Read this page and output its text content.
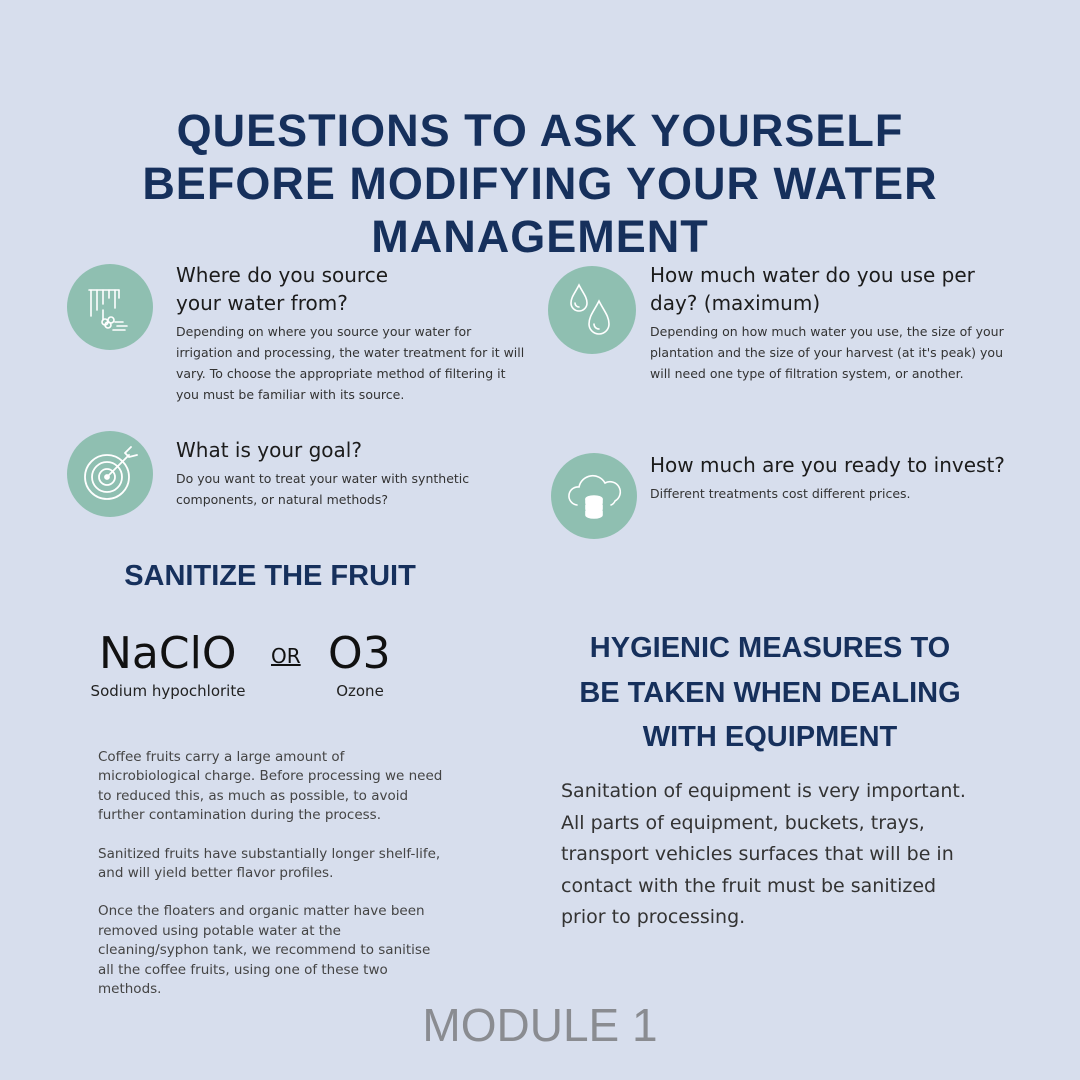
QUESTIONS TO ASK YOURSELF BEFORE MODIFYING YOUR WATER MANAGEMENT
Where do you source your water from?
Depending on where you source your water for irrigation and processing, the water treatment for it will vary. To choose the appropriate method of filtering it you must be familiar with its source.
How much water do you use per day? (maximum)
Depending on how much water you use, the size of your plantation and the size of your harvest (at it's peak) you will need one type of filtration system, or another.
What is your goal?
Do you want to treat your water with synthetic components, or natural methods?
How much are you ready to invest?
Different treatments cost different prices.
SANITIZE THE FRUIT
NaClO
Sodium hypochlorite
OR O3
Ozone

Coffee fruits carry a large amount of microbiological charge. Before processing we need to reduced this, as much as possible, to avoid further contamination during the process.

Sanitized fruits have substantially longer shelf-life, and will yield better flavor profiles.

Once the floaters and organic matter have been removed using potable water at the cleaning/syphon tank, we recommend to sanitise all the coffee fruits, using one of these two methods.

HYGIENIC MEASURES TO BE TAKEN WHEN DEALING WITH EQUIPMENT
Sanitation of equipment is very important. All parts of equipment, buckets, trays, transport vehicles surfaces that will be in contact with the fruit must be sanitized prior to processing.
MODULE 1
